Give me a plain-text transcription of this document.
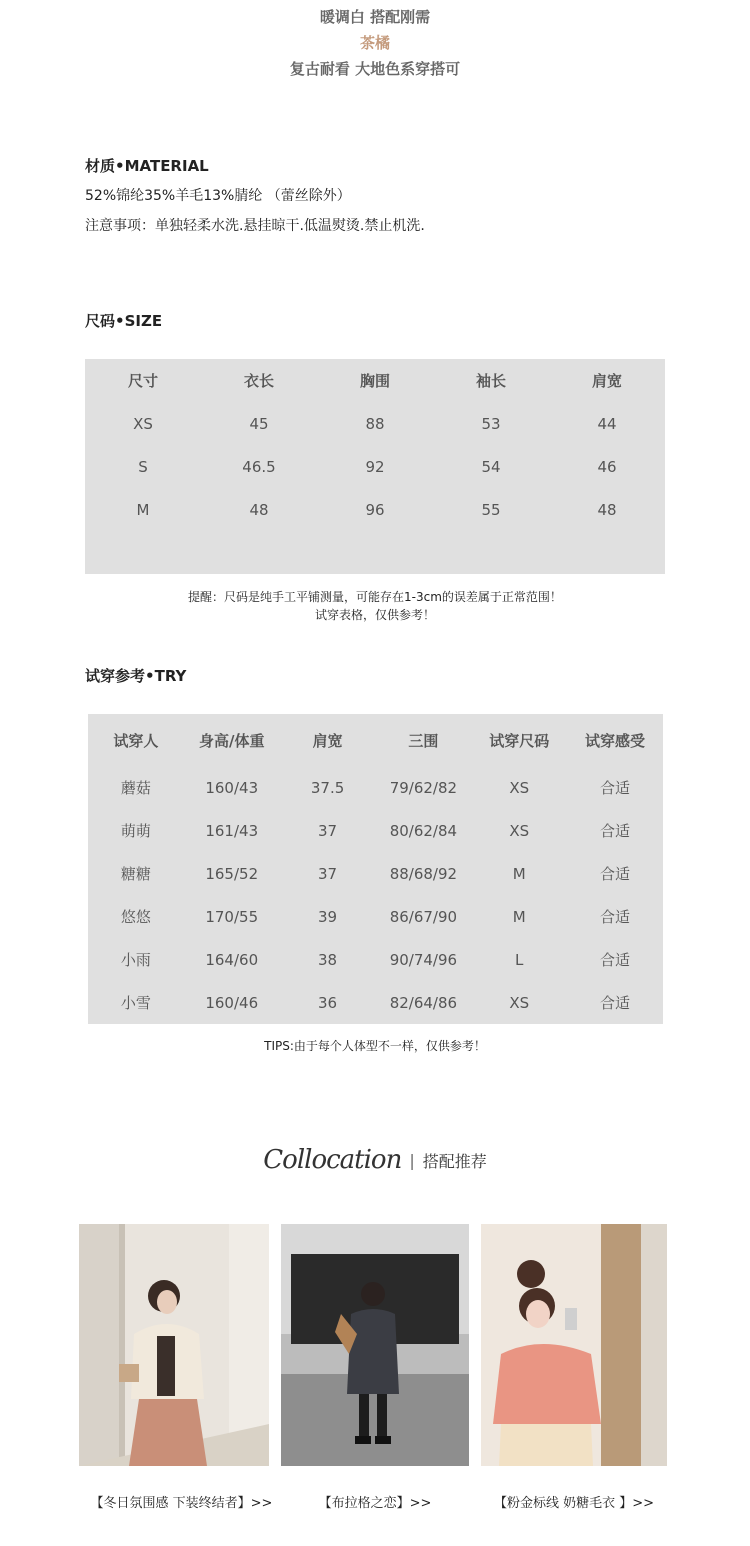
暖调白 搭配刚需
茶橘
复古耐看 大地色系穿搭可
材质•MATERIAL
52%锦纶35%羊毛13%腈纶 （蕾丝除外）
注意事项：单独轻柔水洗.悬挂晾干.低温熨烫.禁止机洗.
尺码•SIZE
尺寸	衣长	胸围	袖长	肩宽
XS	45	88	53	44
S	46.5	92	54	46
M	48	96	55	48
提醒：尺码是纯手工平铺测量，可能存在1-3cm的误差属于正常范围！
试穿表格，仅供参考！
试穿参考•TRY
试穿人	身高/体重	肩宽	三围	试穿尺码	试穿感受
蘑菇	160/43	37.5	79/62/82	XS	合适
萌萌	161/43	37	80/62/84	XS	合适
糖糖	165/52	37	88/68/92	M	合适
悠悠	170/55	39	86/67/90	M	合适
小雨	164/60	38	90/74/96	L	合适
小雪	160/46	36	82/64/86	XS	合适
TIPS:由于每个人体型不一样，仅供参考！
Collocation | 搭配推荐
【冬日氛围感 下装终结者】>>	【布拉格之恋】>>	【粉金标线 奶糖毛衣 】>>
